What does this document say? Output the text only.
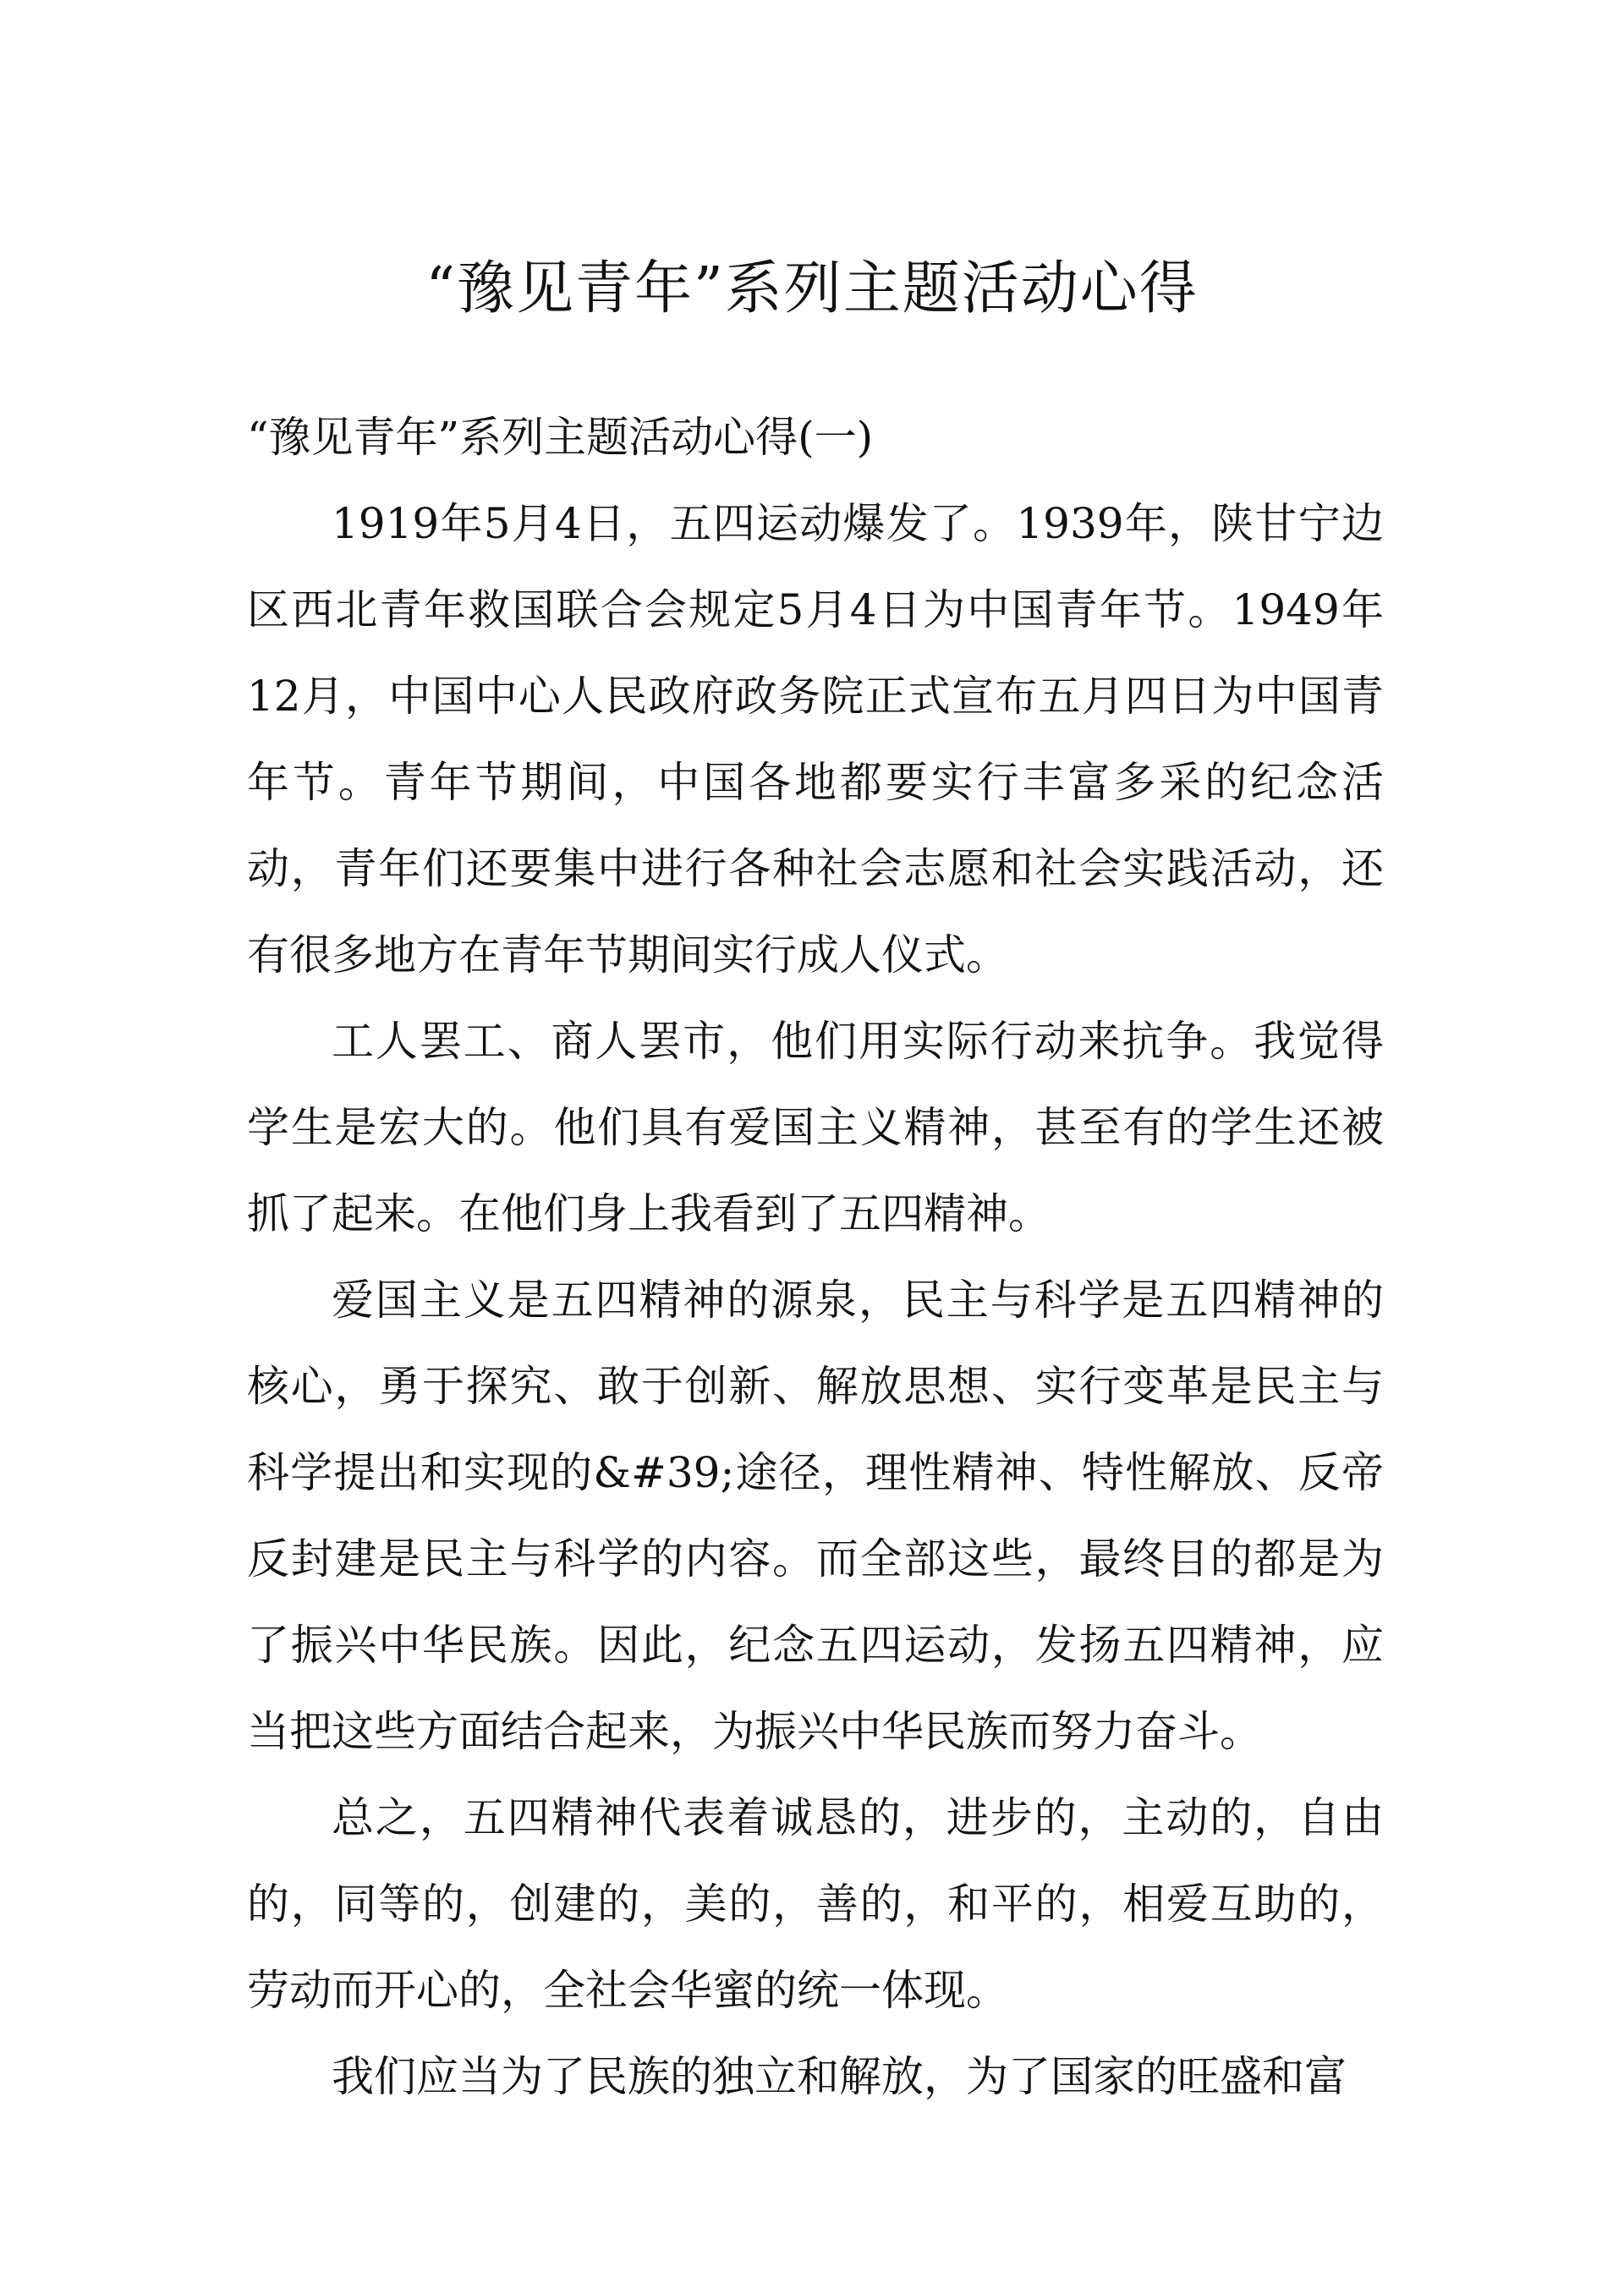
“豫见青年”系列主题活动心得

“豫见青年”系列主题活动心得(一)

1919年5月4日，五四运动爆发了。1939年，陕甘宁边区西北青年救国联合会规定5月4日为中国青年节。1949年12月，中国中心人民政府政务院正式宣布五月四日为中国青年节。青年节期间，中国各地都要实行丰富多采的纪念活动，青年们还要集中进行各种社会志愿和社会实践活动，还有很多地方在青年节期间实行成人仪式。

工人罢工、商人罢市，他们用实际行动来抗争。我觉得学生是宏大的。他们具有爱国主义精神，甚至有的学生还被抓了起来。在他们身上我看到了五四精神。

爱国主义是五四精神的源泉，民主与科学是五四精神的核心，勇于探究、敢于创新、解放思想、实行变革是民主与科学提出和实现的&#39;途径，理性精神、特性解放、反帝反封建是民主与科学的内容。而全部这些，最终目的都是为了振兴中华民族。因此，纪念五四运动，发扬五四精神，应当把这些方面结合起来，为振兴中华民族而努力奋斗。

总之，五四精神代表着诚恳的，进步的，主动的，自由的，同等的，创建的，美的，善的，和平的，相爱互助的，劳动而开心的，全社会华蜜的统一体现。

我们应当为了民族的独立和解放，为了国家的旺盛和富
